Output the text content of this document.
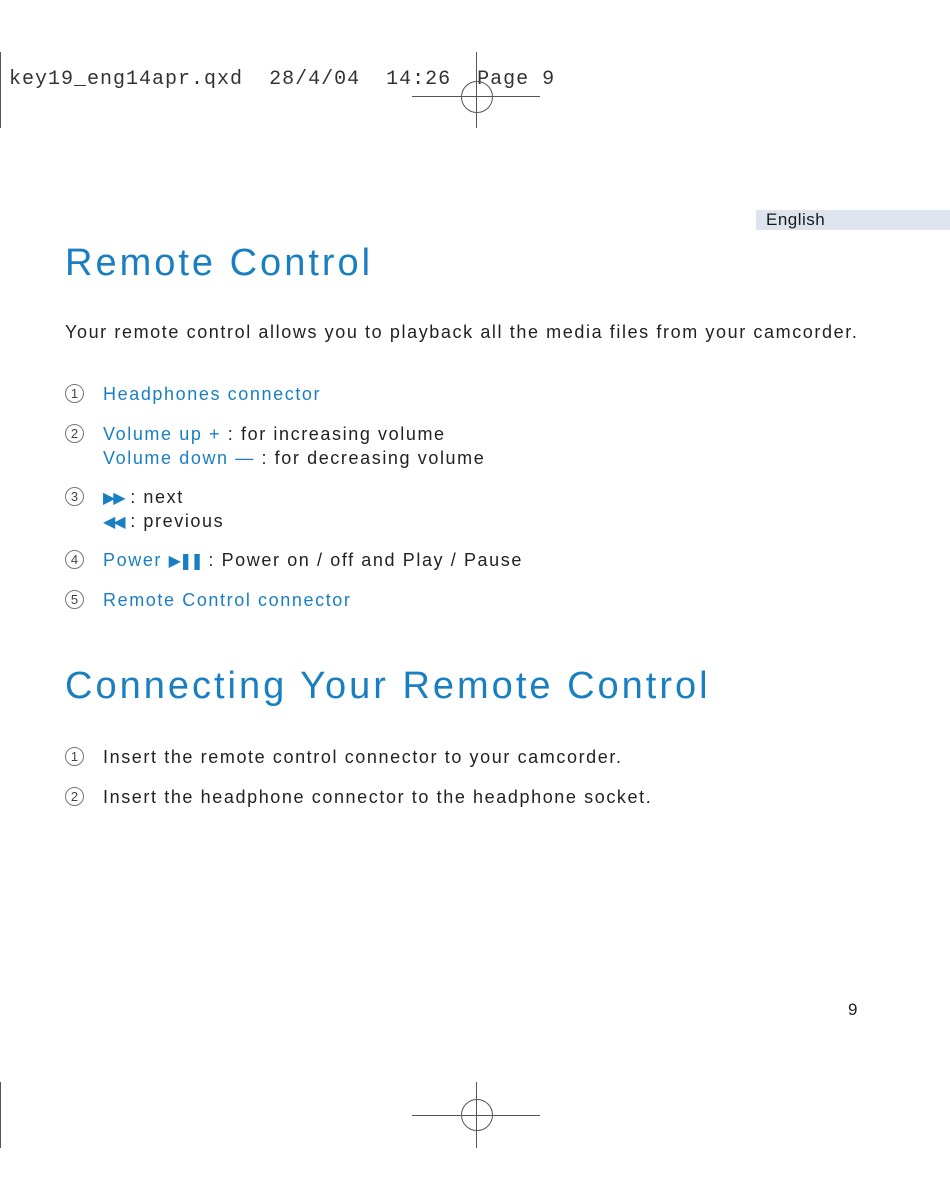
key19_eng14apr.qxd 28/4/04 14:26 Page 9
English
Remote Control
Your remote control allows you to playback all the media files from your camcorder.
1	Headphones connector
2	Volume up + : for increasing volume
Volume down — : for decreasing volume
3	▶▶ : next
◀◀ : previous
4	Power ▶❚❚ : Power on / off and Play / Pause
5	Remote Control connector
Connecting Your Remote Control
1	Insert the remote control connector to your camcorder.
2	Insert the headphone connector to the headphone socket.
9
